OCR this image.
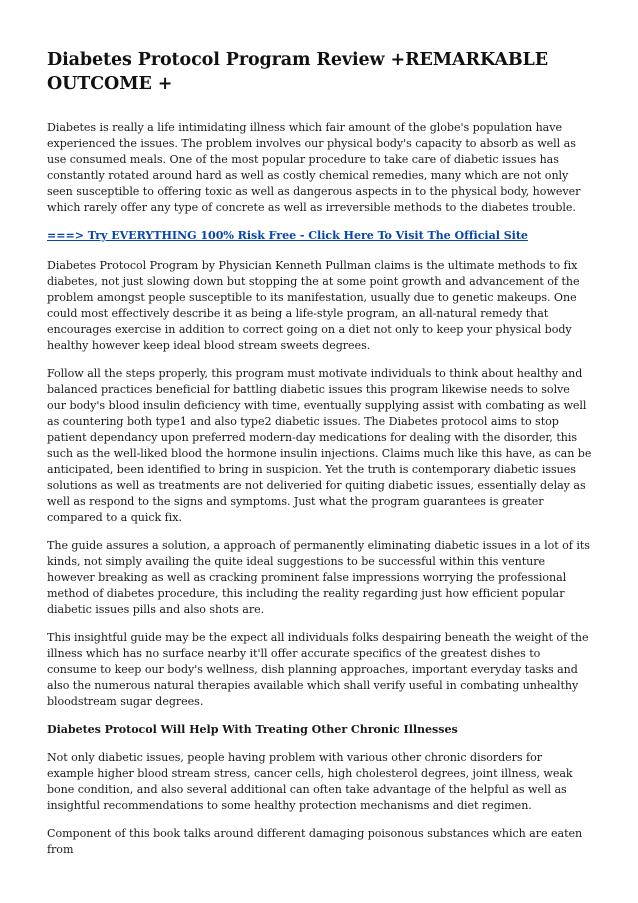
Diabetes Protocol Program Review +REMARKABLE OUTCOME +

Diabetes is really a life intimidating illness which fair amount of the globe's population have experienced the issues. The problem involves our physical body's capacity to absorb as well as use consumed meals. One of the most popular procedure to take care of diabetic issues has constantly rotated around hard as well as costly chemical remedies, many which are not only seen susceptible to offering toxic as well as dangerous aspects in to the physical body, however which rarely offer any type of concrete as well as irreversible methods to the diabetes trouble.

===> Try EVERYTHING 100% Risk Free - Click Here To Visit The Official Site

Diabetes Protocol Program by Physician Kenneth Pullman claims is the ultimate methods to fix diabetes, not just slowing down but stopping the at some point growth and advancement of the problem amongst people susceptible to its manifestation, usually due to genetic makeups. One could most effectively describe it as being a life-style program, an all-natural remedy that encourages exercise in addition to correct going on a diet not only to keep your physical body healthy however keep ideal blood stream sweets degrees.

Follow all the steps properly, this program must motivate individuals to think about healthy and balanced practices beneficial for battling diabetic issues this program likewise needs to solve our body's blood insulin deficiency with time, eventually supplying assist with combating as well as countering both type1 and also type2 diabetic issues. The Diabetes protocol aims to stop patient dependancy upon preferred modern-day medications for dealing with the disorder, this such as the well-liked blood the hormone insulin injections. Claims much like this have, as can be anticipated, been identified to bring in suspicion. Yet the truth is contemporary diabetic issues solutions as well as treatments are not deliveried for quiting diabetic issues, essentially delay as well as respond to the signs and symptoms. Just what the program guarantees is greater compared to a quick fix.

The guide assures a solution, a approach of permanently eliminating diabetic issues in a lot of its kinds, not simply availing the quite ideal suggestions to be successful within this venture however breaking as well as cracking prominent false impressions worrying the professional method of diabetes procedure, this including the reality regarding just how efficient popular diabetic issues pills and also shots are.

This insightful guide may be the expect all individuals folks despairing beneath the weight of the illness which has no surface nearby it'll offer accurate specifics of the greatest dishes to consume to keep our body's wellness, dish planning approaches, important everyday tasks and also the numerous natural therapies available which shall verify useful in combating unhealthy bloodstream sugar degrees.

Diabetes Protocol Will Help With Treating Other Chronic Illnesses

Not only diabetic issues, people having problem with various other chronic disorders for example higher blood stream stress, cancer cells, high cholesterol degrees, joint illness, weak bone condition, and also several additional can often take advantage of the helpful as well as insightful recommendations to some healthy protection mechanisms and diet regimen.

Component of this book talks around different damaging poisonous substances which are eaten from
